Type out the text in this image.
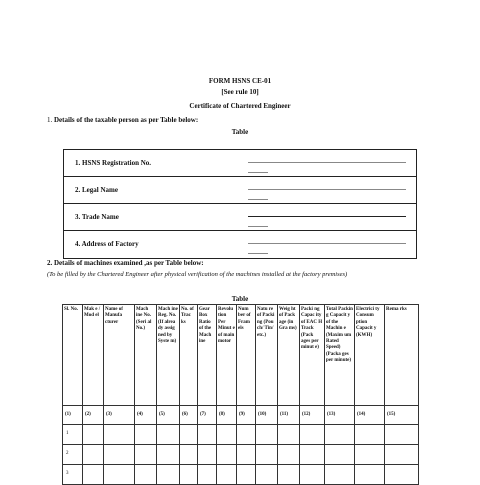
FORM HSNS CE-01
[See rule 10]
Certificate of Chartered Engineer
1. Details of the taxable person as per Table below:
Table
1. HSNS Registration No.
2. Legal Name
3. Trade Name
4. Address of Factory
2. Details of machines examined ,as per Table below:
(To be filled by the Chartered Engineer after physical verification of the machines installed at the factory premises)
Table
Sl. No.	Mak e / Mod el	Name of Manufa cturer	Mach ine No. (Seri al No.)	Mach ine Reg. No. (If alrea dy assig ned by Syste m)	No. of Trac ks	Gear Box Ratio of the Mach ine	Revolu tion Per Minut e of main motor	Num ber of Fram els	Natu re of Packi ng (Pou ch/ Tin/ etc.)	Weig ht of Pack age (in Gra ms)	Packi ng Capac ity of EAC H Track (Pack ages per minut e)	Total Packin g Capacit y of the Machin e (Maxim um Rated Speed) (Packa ges per minute)	Electrici ty Consum ption Capacit y (KWH)	Rema rks
(1)	(2)	(3)	(4)	(5)	(6)	(7)	(8)	(9)	(10)	(11)	(12)	(13)	(14)	(15)
1														
2														
3														
